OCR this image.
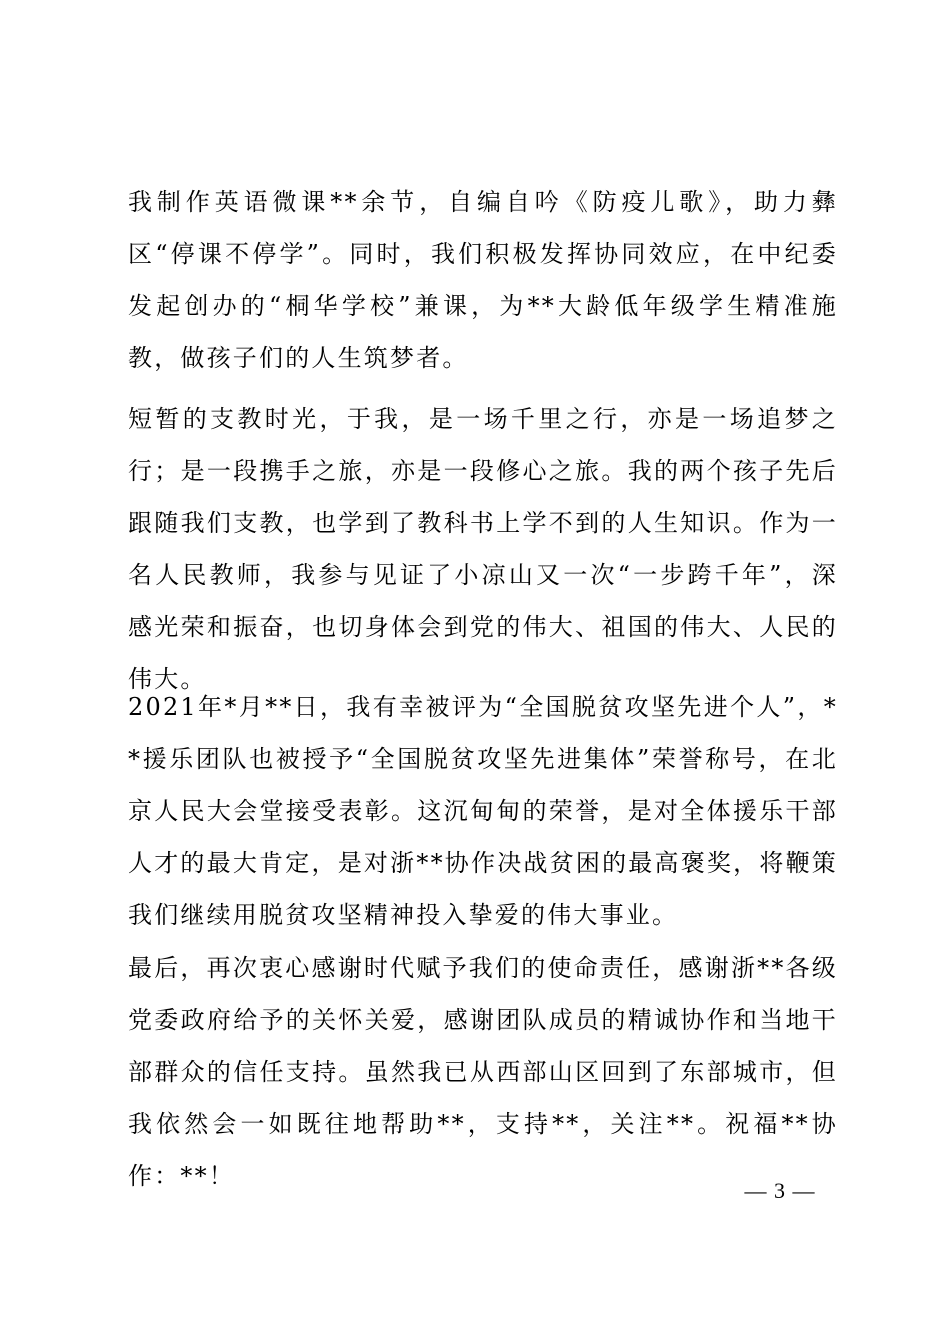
我制作英语微课**余节，自编自吟《防疫儿歌》，助力彝区“停课不停学”。同时，我们积极发挥协同效应，在中纪委发起创办的“桐华学校”兼课，为**大龄低年级学生精准施教，做孩子们的人生筑梦者。

短暂的支教时光，于我，是一场千里之行，亦是一场追梦之行；是一段携手之旅，亦是一段修心之旅。我的两个孩子先后跟随我们支教，也学到了教科书上学不到的人生知识。作为一名人民教师，我参与见证了小凉山又一次“一步跨千年”，深感光荣和振奋，也切身体会到党的伟大、祖国的伟大、人民的伟大。

2021年*月**日，我有幸被评为“全国脱贫攻坚先进个人”，**援乐团队也被授予“全国脱贫攻坚先进集体”荣誉称号，在北京人民大会堂接受表彰。这沉甸甸的荣誉，是对全体援乐干部人才的最大肯定，是对浙**协作决战贫困的最高褒奖，将鞭策我们继续用脱贫攻坚精神投入挚爱的伟大事业。

最后，再次衷心感谢时代赋予我们的使命责任，感谢浙**各级党委政府给予的关怀关爱，感谢团队成员的精诚协作和当地干部群众的信任支持。虽然我已从西部山区回到了东部城市，但我依然会一如既往地帮助**，支持**，关注**。祝福**协作：**！

— 3 —
